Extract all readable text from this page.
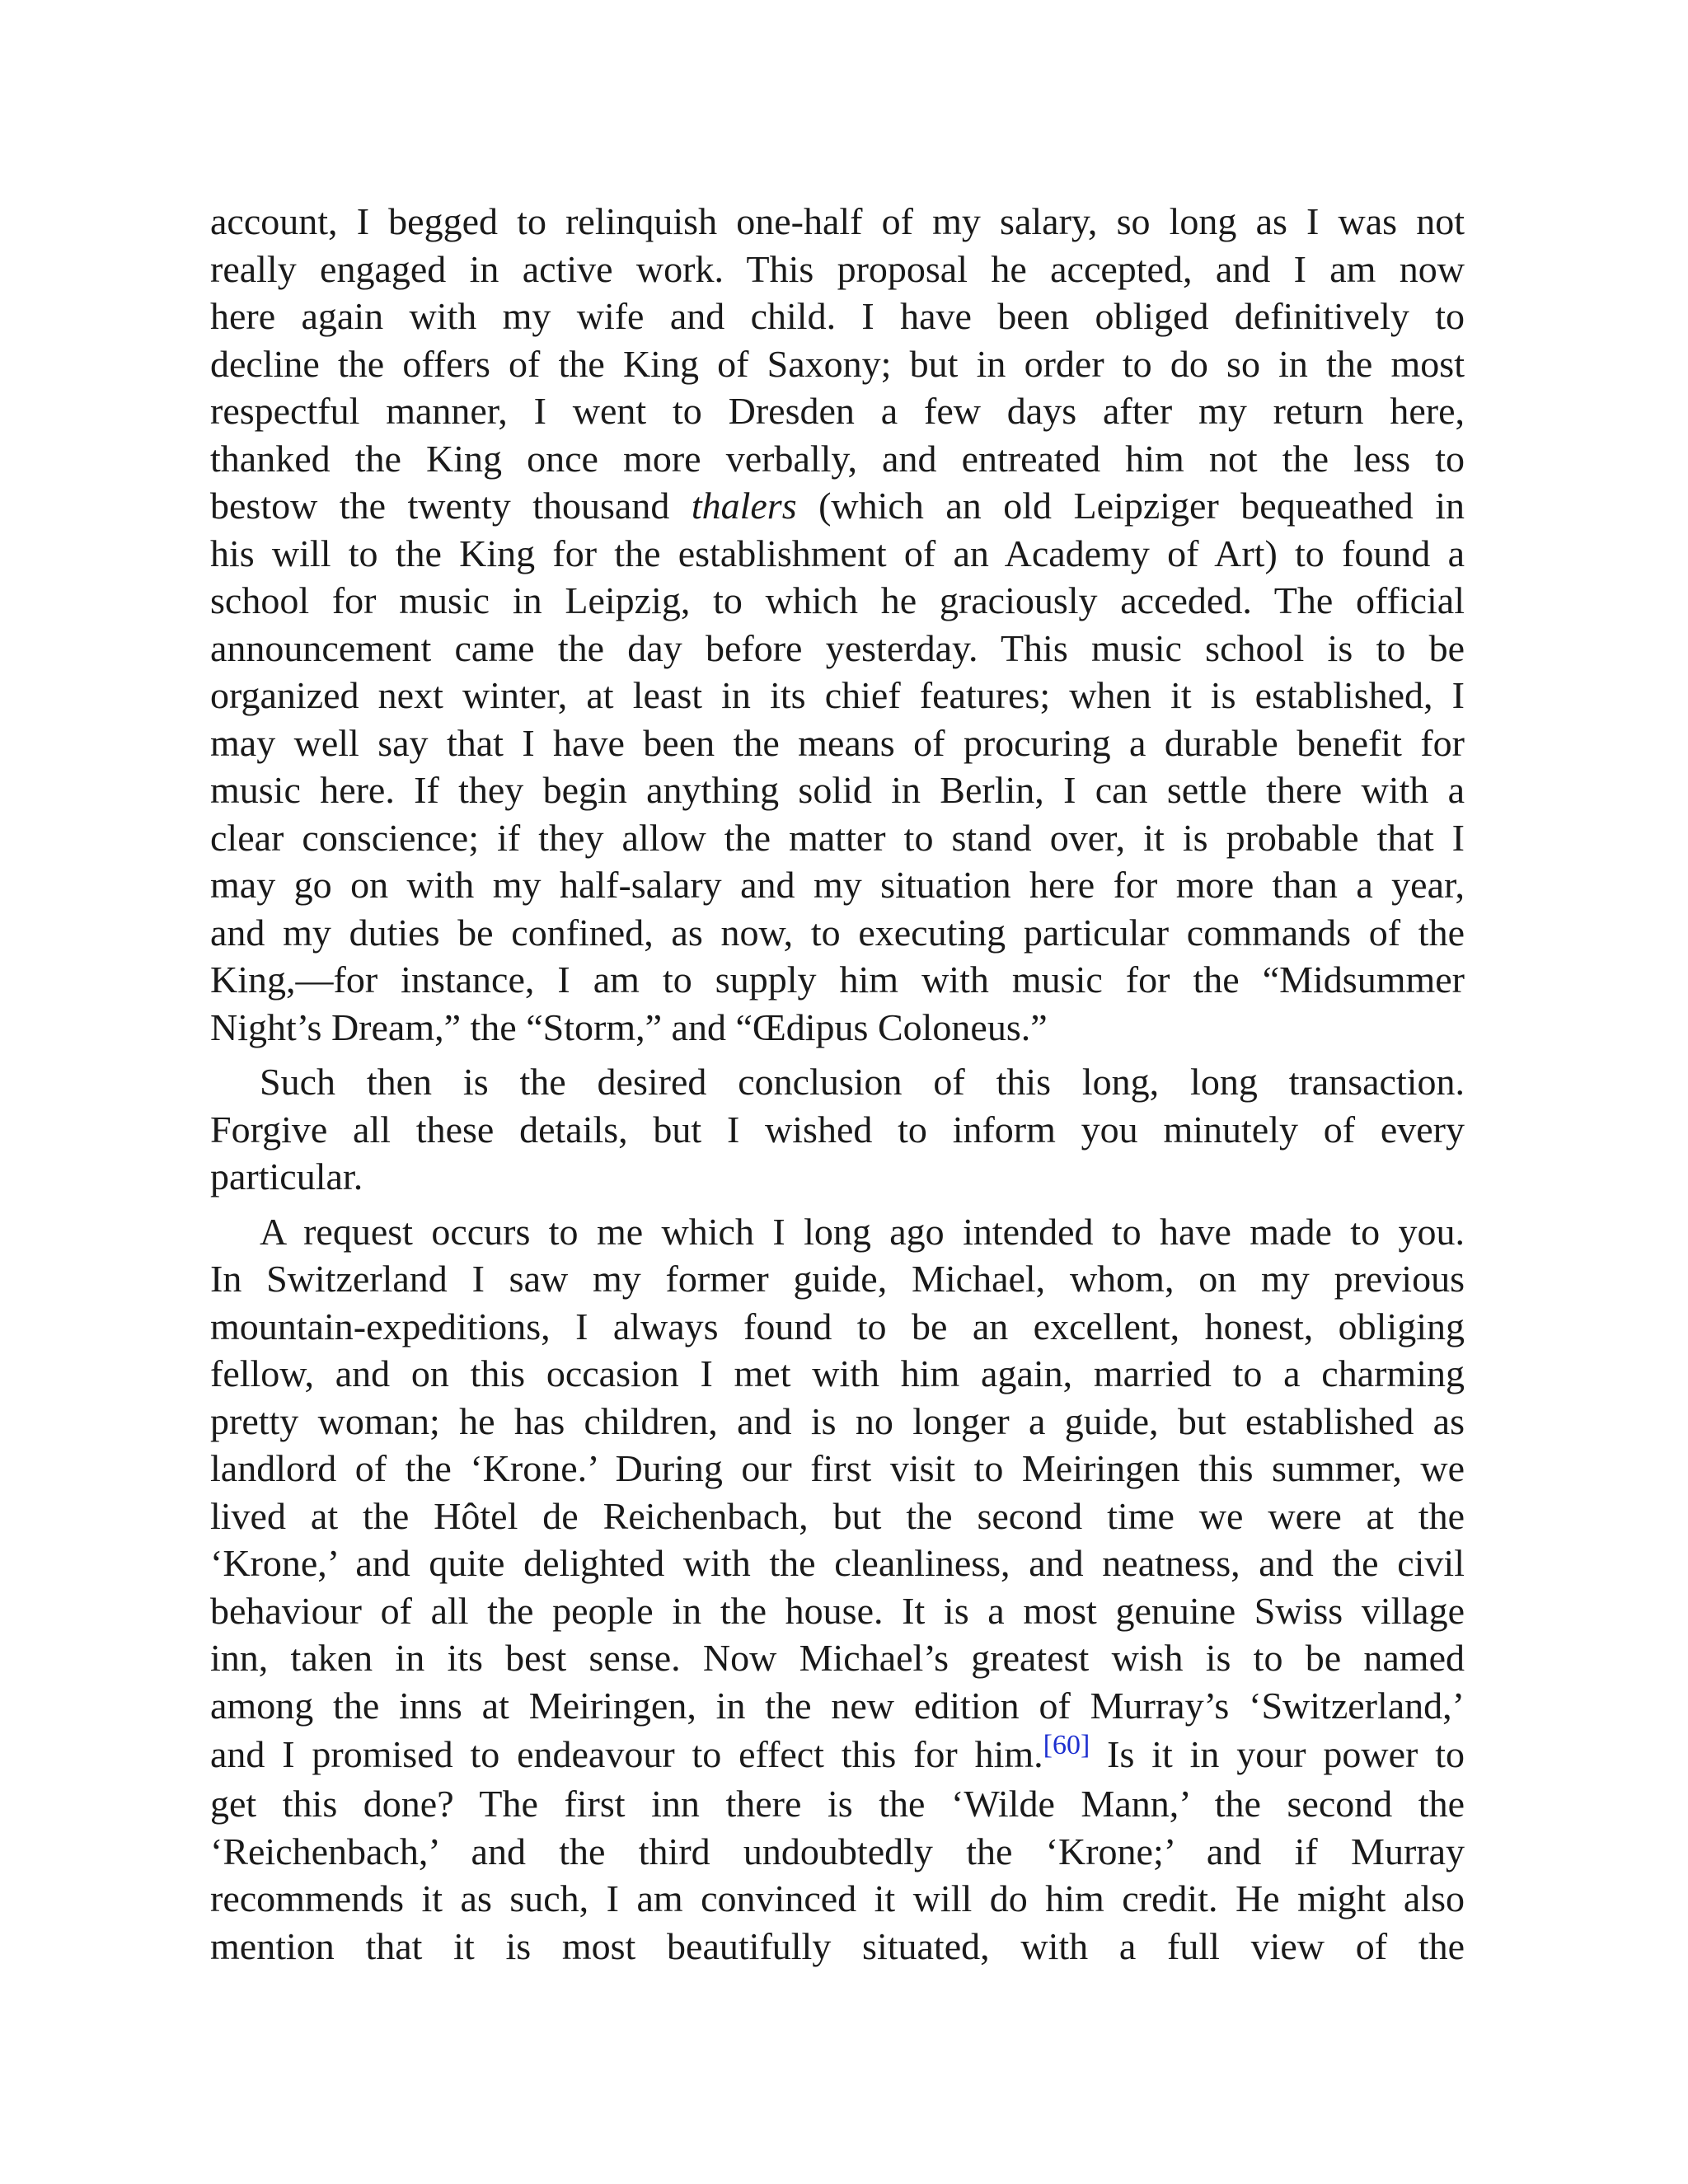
account, I begged to relinquish one-half of my salary, so long as I was not
really engaged in active work. This proposal he accepted, and I am now
here again with my wife and child. I have been obliged definitively to
decline the offers of the King of Saxony; but in order to do so in the most
respectful manner, I went to Dresden a few days after my return here,
thanked the King once more verbally, and entreated him not the less to
bestow the twenty thousand thalers (which an old Leipziger bequeathed in
his will to the King for the establishment of an Academy of Art) to found a
school for music in Leipzig, to which he graciously acceded. The official
announcement came the day before yesterday. This music school is to be
organized next winter, at least in its chief features; when it is established, I
may well say that I have been the means of procuring a durable benefit for
music here. If they begin anything solid in Berlin, I can settle there with a
clear conscience; if they allow the matter to stand over, it is probable that I
may go on with my half-salary and my situation here for more than a year,
and my duties be confined, as now, to executing particular commands of the
King,—for instance, I am to supply him with music for the “Midsummer
Night’s Dream,” the “Storm,” and “Œdipus Coloneus.”
Such then is the desired conclusion of this long, long transaction.
Forgive all these details, but I wished to inform you minutely of every
particular.
A request occurs to me which I long ago intended to have made to you.
In Switzerland I saw my former guide, Michael, whom, on my previous
mountain-expeditions, I always found to be an excellent, honest, obliging
fellow, and on this occasion I met with him again, married to a charming
pretty woman; he has children, and is no longer a guide, but established as
landlord of the ‘Krone.’ During our first visit to Meiringen this summer, we
lived at the Hôtel de Reichenbach, but the second time we were at the
‘Krone,’ and quite delighted with the cleanliness, and neatness, and the civil
behaviour of all the people in the house. It is a most genuine Swiss village
inn, taken in its best sense. Now Michael’s greatest wish is to be named
among the inns at Meiringen, in the new edition of Murray’s ‘Switzerland,’
and I promised to endeavour to effect this for him.[60] Is it in your power to
get this done? The first inn there is the ‘Wilde Mann,’ the second the
‘Reichenbach,’ and the third undoubtedly the ‘Krone;’ and if Murray
recommends it as such, I am convinced it will do him credit. He might also
mention that it is most beautifully situated, with a full view of the
